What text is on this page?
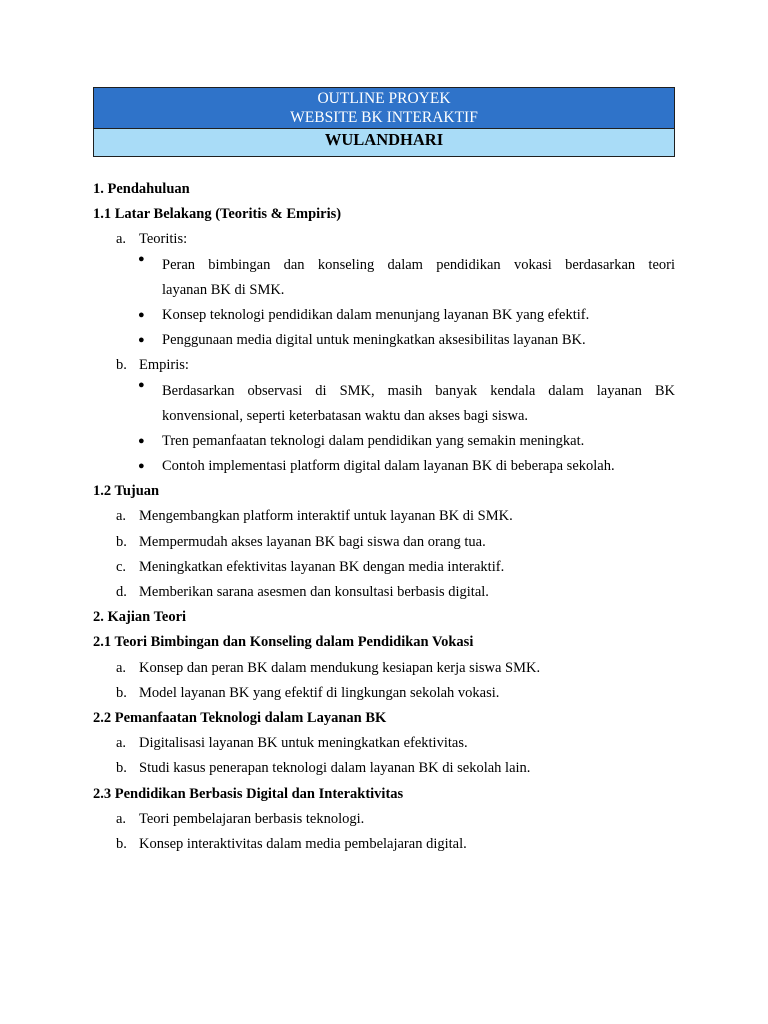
OUTLINE PROYEK
WEBSITE BK INTERAKTIF
WULANDHARI
1. Pendahuluan
1.1 Latar Belakang (Teoritis & Empiris)
a. Teoritis:
● Peran bimbingan dan konseling dalam pendidikan vokasi berdasarkan teori
layanan BK di SMK.
● Konsep teknologi pendidikan dalam menunjang layanan BK yang efektif.
● Penggunaan media digital untuk meningkatkan aksesibilitas layanan BK.
b. Empiris:
● Berdasarkan observasi di SMK, masih banyak kendala dalam layanan BK
konvensional, seperti keterbatasan waktu dan akses bagi siswa.
● Tren pemanfaatan teknologi dalam pendidikan yang semakin meningkat.
● Contoh implementasi platform digital dalam layanan BK di beberapa sekolah.
1.2 Tujuan
a. Mengembangkan platform interaktif untuk layanan BK di SMK.
b. Mempermudah akses layanan BK bagi siswa dan orang tua.
c. Meningkatkan efektivitas layanan BK dengan media interaktif.
d. Memberikan sarana asesmen dan konsultasi berbasis digital.
2. Kajian Teori
2.1 Teori Bimbingan dan Konseling dalam Pendidikan Vokasi
a. Konsep dan peran BK dalam mendukung kesiapan kerja siswa SMK.
b. Model layanan BK yang efektif di lingkungan sekolah vokasi.
2.2 Pemanfaatan Teknologi dalam Layanan BK
a. Digitalisasi layanan BK untuk meningkatkan efektivitas.
b. Studi kasus penerapan teknologi dalam layanan BK di sekolah lain.
2.3 Pendidikan Berbasis Digital dan Interaktivitas
a. Teori pembelajaran berbasis teknologi.
b. Konsep interaktivitas dalam media pembelajaran digital.
